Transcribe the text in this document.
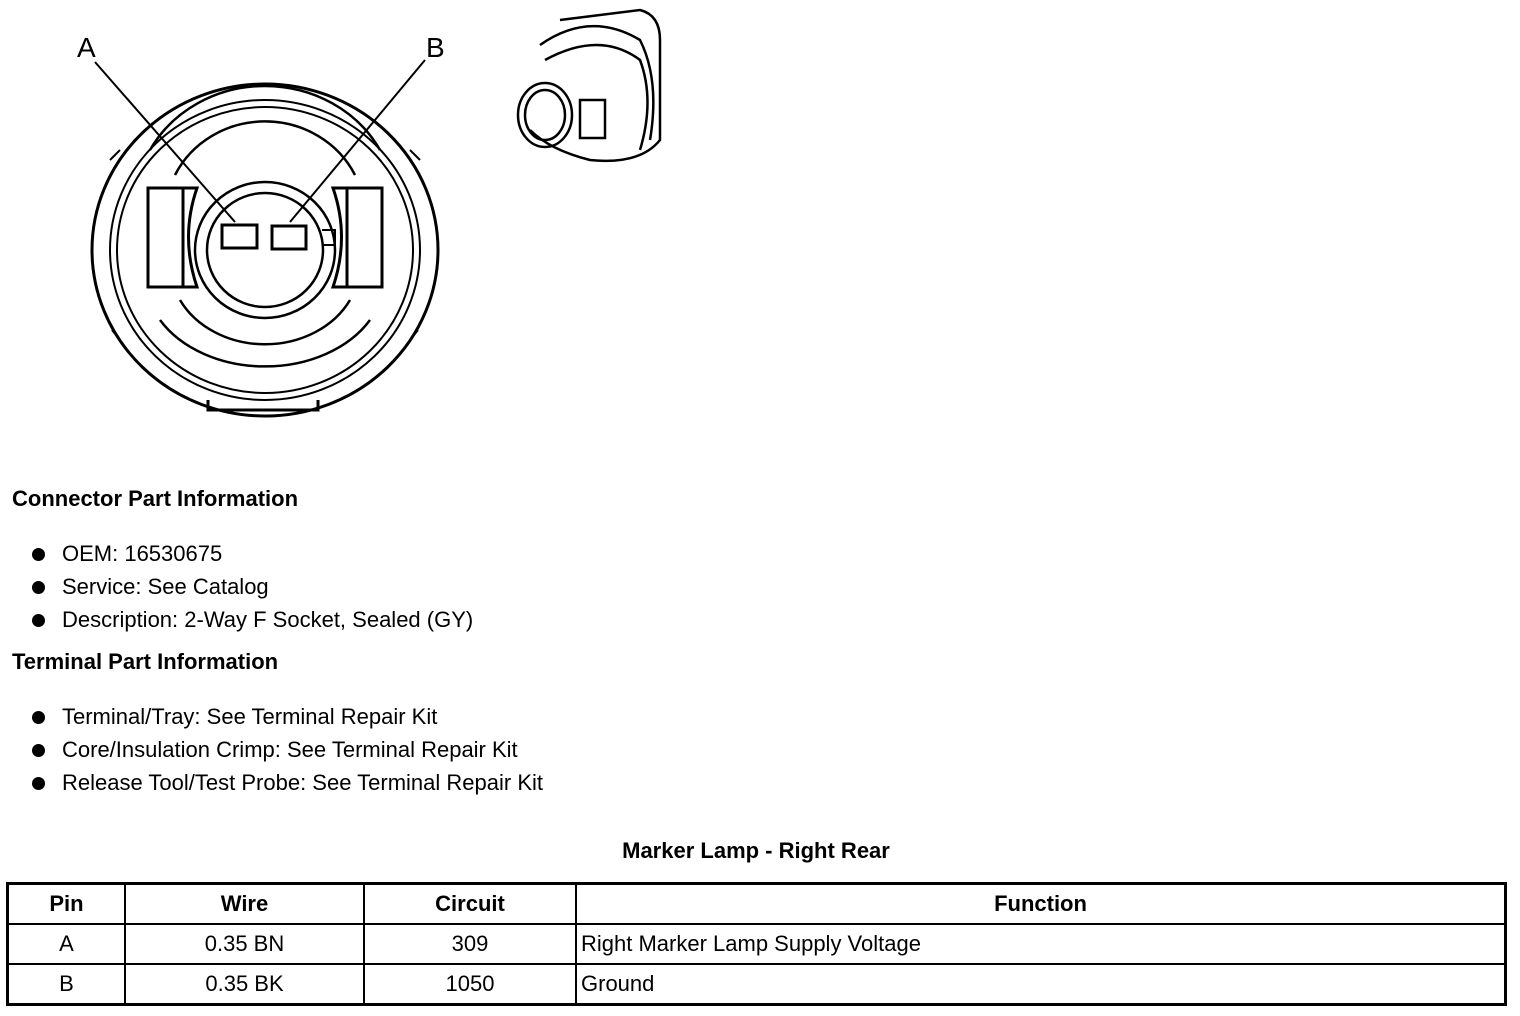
A	B
Connector Part Information
OEM: 16530675
Service: See Catalog
Description: 2-Way F Socket, Sealed (GY)
Terminal Part Information
Terminal/Tray: See Terminal Repair Kit
Core/Insulation Crimp: See Terminal Repair Kit
Release Tool/Test Probe: See Terminal Repair Kit
Marker Lamp - Right Rear
Pin	Wire	Circuit	Function
A	0.35 BN	309	Right Marker Lamp Supply Voltage
B	0.35 BK	1050	Ground
